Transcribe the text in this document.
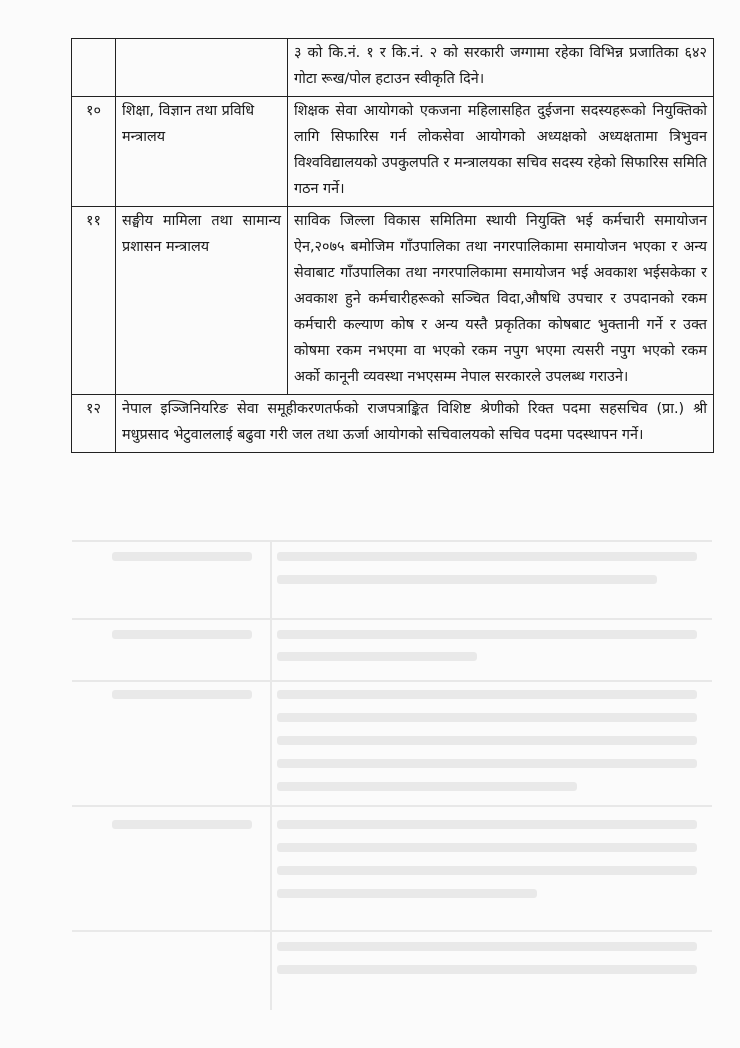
		३ को कि.नं. १ र कि.नं. २ को सरकारी जग्गामा रहेका विभिन्न प्रजातिका ६४२ गोटा रूख/पोल हटाउन स्वीकृति दिने।
१०	शिक्षा, विज्ञान तथा प्रविधि मन्त्रालय	शिक्षक सेवा आयोगको एकजना महिलासहित दुईजना सदस्यहरूको नियुक्तिको लागि सिफारिस गर्न लोकसेवा आयोगको अध्यक्षको अध्यक्षतामा त्रिभुवन विश्वविद्यालयको उपकुलपति र मन्त्रालयका सचिव सदस्य रहेको सिफारिस समिति गठन गर्ने।
११	सङ्घीय मामिला तथा सामान्य प्रशासन मन्त्रालय	साविक जिल्ला विकास समितिमा स्थायी नियुक्ति भई कर्मचारी समायोजन ऐन,२०७५ बमोजिम गाँउपालिका तथा नगरपालिकामा समायोजन भएका र अन्य सेवाबाट गाँउपालिका तथा नगरपालिकामा समायोजन भई अवकाश भईसकेका र अवकाश हुने कर्मचारीहरूको सञ्चित विदा,औषधि उपचार र उपदानको रकम कर्मचारी कल्याण कोष र अन्य यस्तै प्रकृतिका कोषबाट भुक्तानी गर्ने र उक्त कोषमा रकम नभएमा वा भएको रकम नपुग भएमा त्यसरी नपुग भएको रकम अर्को कानूनी व्यवस्था नभएसम्म नेपाल सरकारले उपलब्ध गराउने।
१२	नेपाल इञ्जिनियरिङ सेवा समूहीकरणतर्फको राजपत्राङ्कित विशिष्ट श्रेणीको रिक्त पदमा सहसचिव (प्रा.) श्री मधुप्रसाद भेटुवाललाई बढुवा गरी जल तथा ऊर्जा आयोगको सचिवालयको सचिव पदमा पदस्थापन गर्ने।	
